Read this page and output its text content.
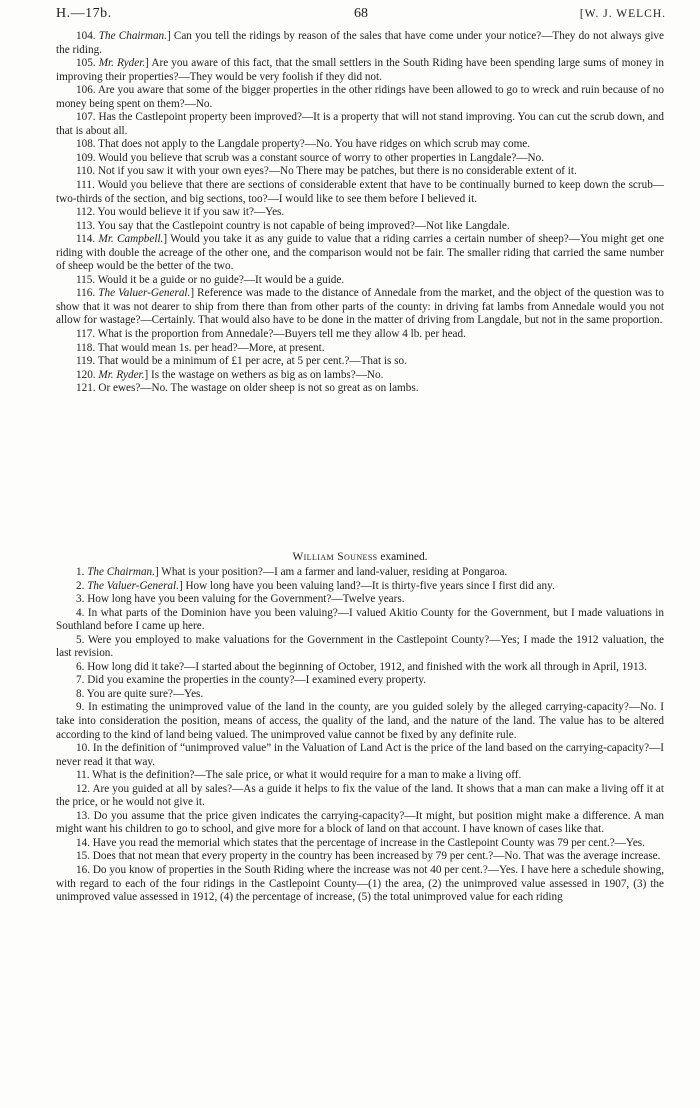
H.—17b.	68	[W. J. WELCH.

104. The Chairman.] Can you tell the ridings by reason of the sales that have come under your notice?—They do not always give the riding.

105. Mr. Ryder.] Are you aware of this fact, that the small settlers in the South Riding have been spending large sums of money in improving their properties?—They would be very foolish if they did not.

106. Are you aware that some of the bigger properties in the other ridings have been allowed to go to wreck and ruin because of no money being spent on them?—No.

107. Has the Castlepoint property been improved?—It is a property that will not stand improving. You can cut the scrub down, and that is about all.

108. That does not apply to the Langdale property?—No. You have ridges on which scrub may come.

109. Would you believe that scrub was a constant source of worry to other properties in Langdale?—No.

110. Not if you saw it with your own eyes?—No There may be patches, but there is no considerable extent of it.

111. Would you believe that there are sections of considerable extent that have to be continually burned to keep down the scrub—two-thirds of the section, and big sections, too?—I would like to see them before I believed it.

112. You would believe it if you saw it?—Yes.

113. You say that the Castlepoint country is not capable of being improved?—Not like Langdale.

114. Mr. Campbell.] Would you take it as any guide to value that a riding carries a certain number of sheep?—You might get one riding with double the acreage of the other one, and the comparison would not be fair. The smaller riding that carried the same number of sheep would be the better of the two.

115. Would it be a guide or no guide?—It would be a guide.

116. The Valuer-General.] Reference was made to the distance of Annedale from the market, and the object of the question was to show that it was not dearer to ship from there than from other parts of the county: in driving fat lambs from Annedale would you not allow for wastage?—Certainly. That would also have to be done in the matter of driving from Langdale, but not in the same proportion.

117. What is the proportion from Annedale?—Buyers tell me they allow 4 lb. per head.

118. That would mean 1s. per head?—More, at present.

119. That would be a minimum of £1 per acre, at 5 per cent.?—That is so.

120. Mr. Ryder.] Is the wastage on wethers as big as on lambs?—No.

121. Or ewes?—No. The wastage on older sheep is not so great as on lambs.

William Souness examined.

1. The Chairman.] What is your position?—I am a farmer and land-valuer, residing at Pongaroa.

2. The Valuer-General.] How long have you been valuing land?—It is thirty-five years since I first did any.

3. How long have you been valuing for the Government?—Twelve years.

4. In what parts of the Dominion have you been valuing?—I valued Akitio County for the Government, but I made valuations in Southland before I came up here.

5. Were you employed to make valuations for the Government in the Castlepoint County?—Yes; I made the 1912 valuation, the last revision.

6. How long did it take?—I started about the beginning of October, 1912, and finished with the work all through in April, 1913.

7. Did you examine the properties in the county?—I examined every property.

8. You are quite sure?—Yes.

9. In estimating the unimproved value of the land in the county, are you guided solely by the alleged carrying-capacity?—No. I take into consideration the position, means of access, the quality of the land, and the nature of the land. The value has to be altered according to the kind of land being valued. The unimproved value cannot be fixed by any definite rule.

10. In the definition of “unimproved value” in the Valuation of Land Act is the price of the land based on the carrying-capacity?—I never read it that way.

11. What is the definition?—The sale price, or what it would require for a man to make a living off.

12. Are you guided at all by sales?—As a guide it helps to fix the value of the land. It shows that a man can make a living off it at the price, or he would not give it.

13. Do you assume that the price given indicates the carrying-capacity?—It might, but position might make a difference. A man might want his children to go to school, and give more for a block of land on that account. I have known of cases like that.

14. Have you read the memorial which states that the percentage of increase in the Castlepoint County was 79 per cent.?—Yes.

15. Does that not mean that every property in the country has been increased by 79 per cent.?—No. That was the average increase.

16. Do you know of properties in the South Riding where the increase was not 40 per cent.?—Yes. I have here a schedule showing, with regard to each of the four ridings in the Castlepoint County—(1) the area, (2) the unimproved value assessed in 1907, (3) the unimproved value assessed in 1912, (4) the percentage of increase, (5) the total unimproved value for each riding
